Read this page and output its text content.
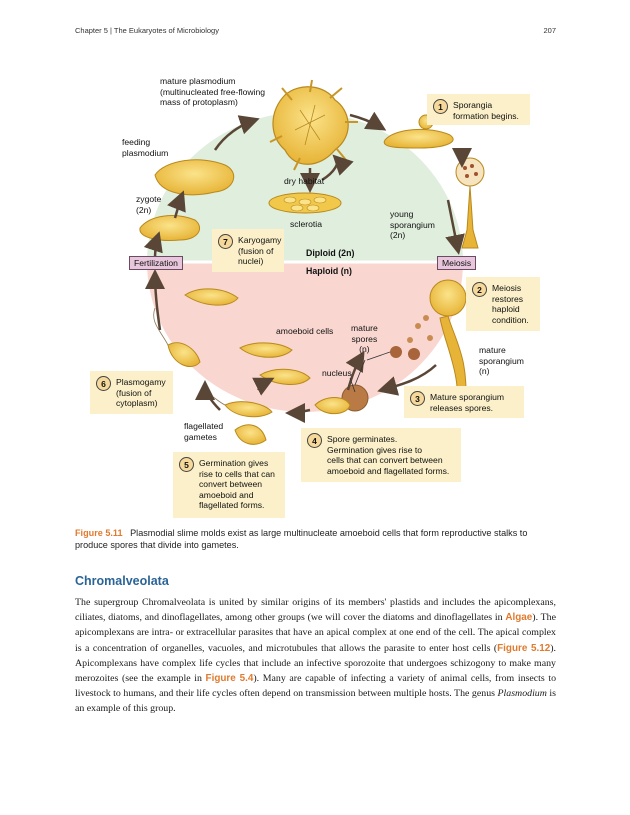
Chapter 5 | The Eukaryotes of Microbiology	207
mature plasmodium
(multinucleated free-flowing
mass of protoplasm)
feeding
plasmodium
zygote
(2n)
dry habitat
sclerotia
young
sporangium
(2n)
Diploid (2n)
Haploid (n)
amoeboid cells mature
spores
(n)
nucleus
mature
sporangium
(n)
flagellated
gametes
Fertilization	Meiosis
1	Sporangia
formation begins.
2	Meiosis
restores
haploid
condition.
3	Mature sporangium
releases spores.
4	Spore germinates.
Germination gives rise to
cells that can convert between
amoeboid and flagellated forms.
5	Germination gives
rise to cells that can
convert between
amoeboid and
flagellated forms.
6	Plasmogamy
(fusion of
cytoplasm)
7	Karyogamy
(fusion of
nuclei)
Figure 5.11 Plasmodial slime molds exist as large multinucleate amoeboid cells that form reproductive stalks to produce spores that divide into gametes.
Chromalveolata
The supergroup Chromalveolata is united by similar origins of its members' plastids and includes the apicomplexans, ciliates, diatoms, and dinoflagellates, among other groups (we will cover the diatoms and dinoflagellates in Algae). The apicomplexans are intra- or extracellular parasites that have an apical complex at one end of the cell. The apical complex is a concentration of organelles, vacuoles, and microtubules that allows the parasite to enter host cells (Figure 5.12). Apicomplexans have complex life cycles that include an infective sporozoite that undergoes schizogony to make many merozoites (see the example in Figure 5.4). Many are capable of infecting a variety of animal cells, from insects to livestock to humans, and their life cycles often depend on transmission between multiple hosts. The genus Plasmodium is an example of this group.
